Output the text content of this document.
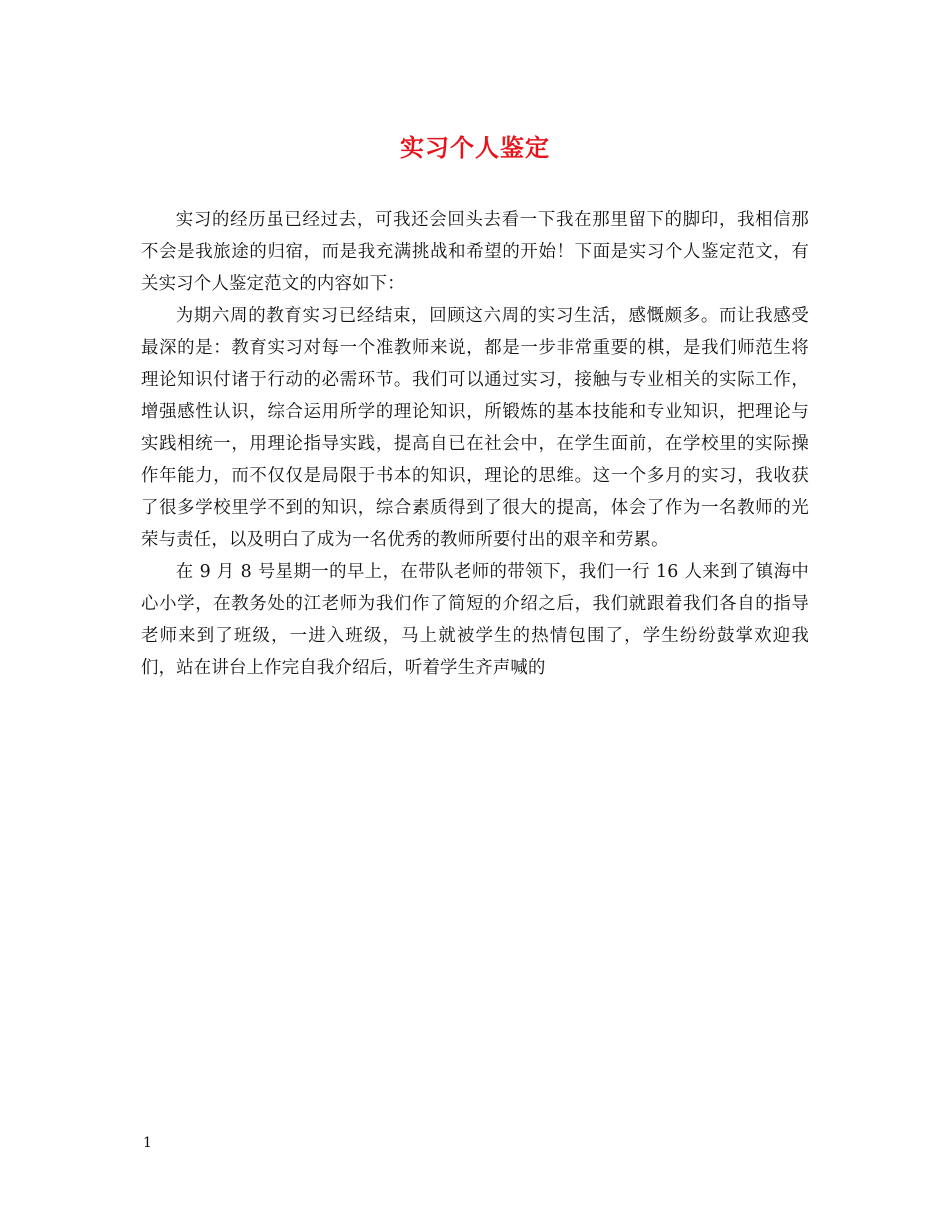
实习个人鉴定

实习的经历虽已经过去，可我还会回头去看一下我在那里留下的脚印，我相信那不会是我旅途的归宿，而是我充满挑战和希望的开始！下面是实习个人鉴定范文，有关实习个人鉴定范文的内容如下：

为期六周的教育实习已经结束，回顾这六周的实习生活，感慨颇多。而让我感受最深的是：教育实习对每一个准教师来说，都是一步非常重要的棋，是我们师范生将理论知识付诸于行动的必需环节。我们可以通过实习，接触与专业相关的实际工作，增强感性认识，综合运用所学的理论知识，所锻炼的基本技能和专业知识，把理论与实践相统一，用理论指导实践，提高自已在社会中，在学生面前，在学校里的实际操作年能力，而不仅仅是局限于书本的知识，理论的思维。这一个多月的实习，我收获了很多学校里学不到的知识，综合素质得到了很大的提高，体会了作为一名教师的光荣与责任，以及明白了成为一名优秀的教师所要付出的艰辛和劳累。

在 9 月 8 号星期一的早上，在带队老师的带领下，我们一行 16 人来到了镇海中心小学，在教务处的江老师为我们作了简短的介绍之后，我们就跟着我们各自的指导老师来到了班级，一进入班级，马上就被学生的热情包围了，学生纷纷鼓掌欢迎我们，站在讲台上作完自我介绍后，听着学生齐声喊的

1
